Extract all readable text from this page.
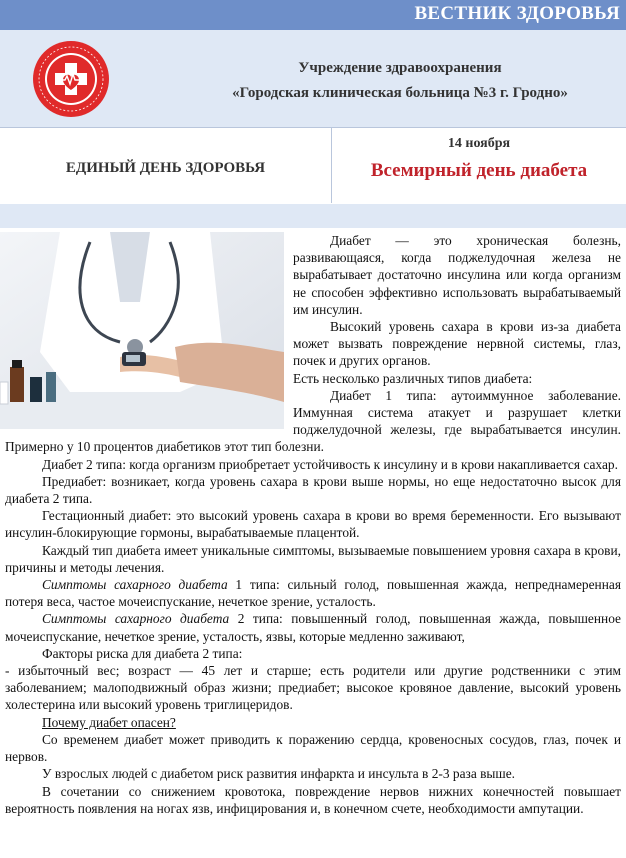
ВЕСТНИК ЗДОРОВЬЯ
Учреждение здравоохранения
«Городская клиническая больница №3 г. Гродно»
ЕДИНЫЙ ДЕНЬ ЗДОРОВЬЯ
14 ноября
Всемирный день диабета

Диабет — это хроническая болезнь, развивающаяся, когда поджелудочная железа не вырабатывает достаточно инсулина или когда организм не способен эффективно использовать вырабатываемый им инсулин.

Высокий уровень сахара в крови из-за диабета может вызвать повреждение нервной системы, глаз, почек и других органов.

Есть несколько различных типов диабета:

Диабет 1 типа: аутоиммунное заболевание. Иммунная система атакует и разрушает клетки поджелудочной железы, где вырабатывается инсулин. Примерно у 10 процентов диабетиков этот тип болезни.

Диабет 2 типа: когда организм приобретает устойчивость к инсулину и в крови накапливается сахар.

Предиабет: возникает, когда уровень сахара в крови выше нормы, но еще недостаточно высок для диабета 2 типа.

Гестационный диабет: это высокий уровень сахара в крови во время беременности. Его вызывают инсулин-блокирующие гормоны, вырабатываемые плацентой.

Каждый тип диабета имеет уникальные симптомы, вызываемые повышением уровня сахара в крови, причины и методы лечения.

Симптомы сахарного диабета 1 типа: сильный голод, повышенная жажда, непреднамеренная потеря веса, частое мочеиспускание, нечеткое зрение, усталость.

Симптомы сахарного диабета 2 типа: повышенный голод, повышенная жажда, повышенное мочеиспускание, нечеткое зрение, усталость, язвы, которые медленно заживают,

Факторы риска для диабета 2 типа:

- избыточный вес; возраст — 45 лет и старше; есть родители или другие родственники с этим заболеванием; малоподвижный образ жизни; предиабет; высокое кровяное давление, высокий уровень холестерина или высокий уровень триглицеридов.

Почему диабет опасен?

Со временем диабет может приводить к поражению сердца, кровеносных сосудов, глаз, почек и нервов.

У взрослых людей с диабетом риск развития инфаркта и инсульта в 2-3 раза выше.

В сочетании со снижением кровотока, повреждение нервов нижних конечностей повышает вероятность появления на ногах язв, инфицирования и, в конечном счете, необходимости ампутации.
